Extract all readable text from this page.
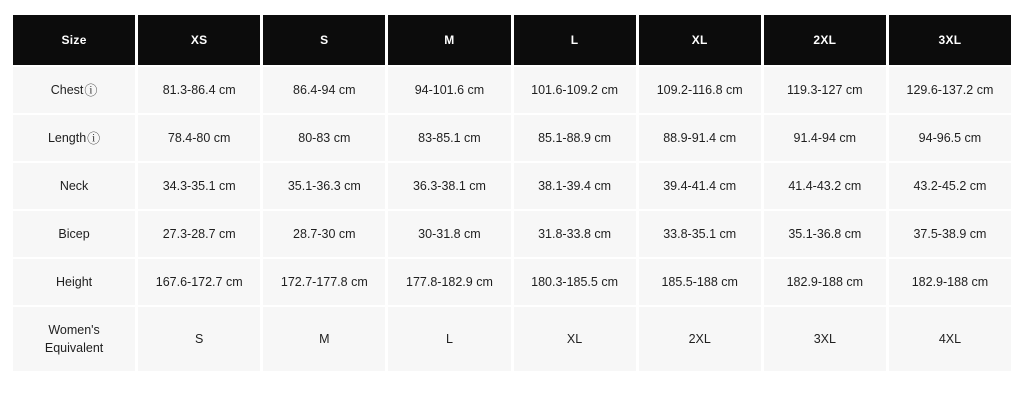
Size	XS	S	M	L	XL	2XL	3XL
Chestⓘ	81.3-86.4 cm	86.4-94 cm	94-101.6 cm	101.6-109.2 cm	109.2-116.8 cm	119.3-127 cm	129.6-137.2 cm
Lengthⓘ	78.4-80 cm	80-83 cm	83-85.1 cm	85.1-88.9 cm	88.9-91.4 cm	91.4-94 cm	94-96.5 cm
Neck	34.3-35.1 cm	35.1-36.3 cm	36.3-38.1 cm	38.1-39.4 cm	39.4-41.4 cm	41.4-43.2 cm	43.2-45.2 cm
Bicep	27.3-28.7 cm	28.7-30 cm	30-31.8 cm	31.8-33.8 cm	33.8-35.1 cm	35.1-36.8 cm	37.5-38.9 cm
Height	167.6-172.7 cm	172.7-177.8 cm	177.8-182.9 cm	180.3-185.5 cm	185.5-188 cm	182.9-188 cm	182.9-188 cm
Women's Equivalent	S	M	L	XL	2XL	3XL	4XL
